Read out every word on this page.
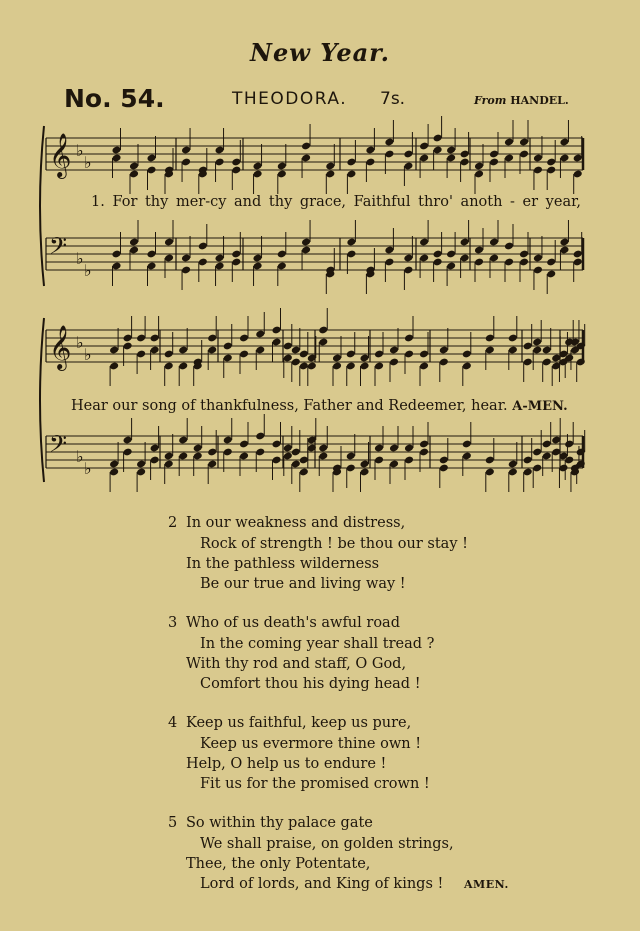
New Year.
No. 54.	THEODORA. 7s.	From HANDEL.
𝄞 ♭
♭
𝄢 ♭
♭
𝄞 ♭
♭
𝄢 ♭
♭
1. For thy mer-cy and thy grace, Faithful thro' anoth - er year,
Hear our song of thankfulness, Father and Redeemer, hear. A-MEN.
2 In our weakness and distress,
Rock of strength ! be thou our stay !
In the pathless wilderness
Be our true and living way !
3 Who of us death's awful road
In the coming year shall tread ?
With thy rod and staff, O God,
Comfort thou his dying head !
4 Keep us faithful, keep us pure,
Keep us evermore thine own !
Help, O help us to endure !
Fit us for the promised crown !
5 So within thy palace gate
We shall praise, on golden strings,
Thee, the only Potentate,
Lord of lords, and King of kings ! AMEN.
